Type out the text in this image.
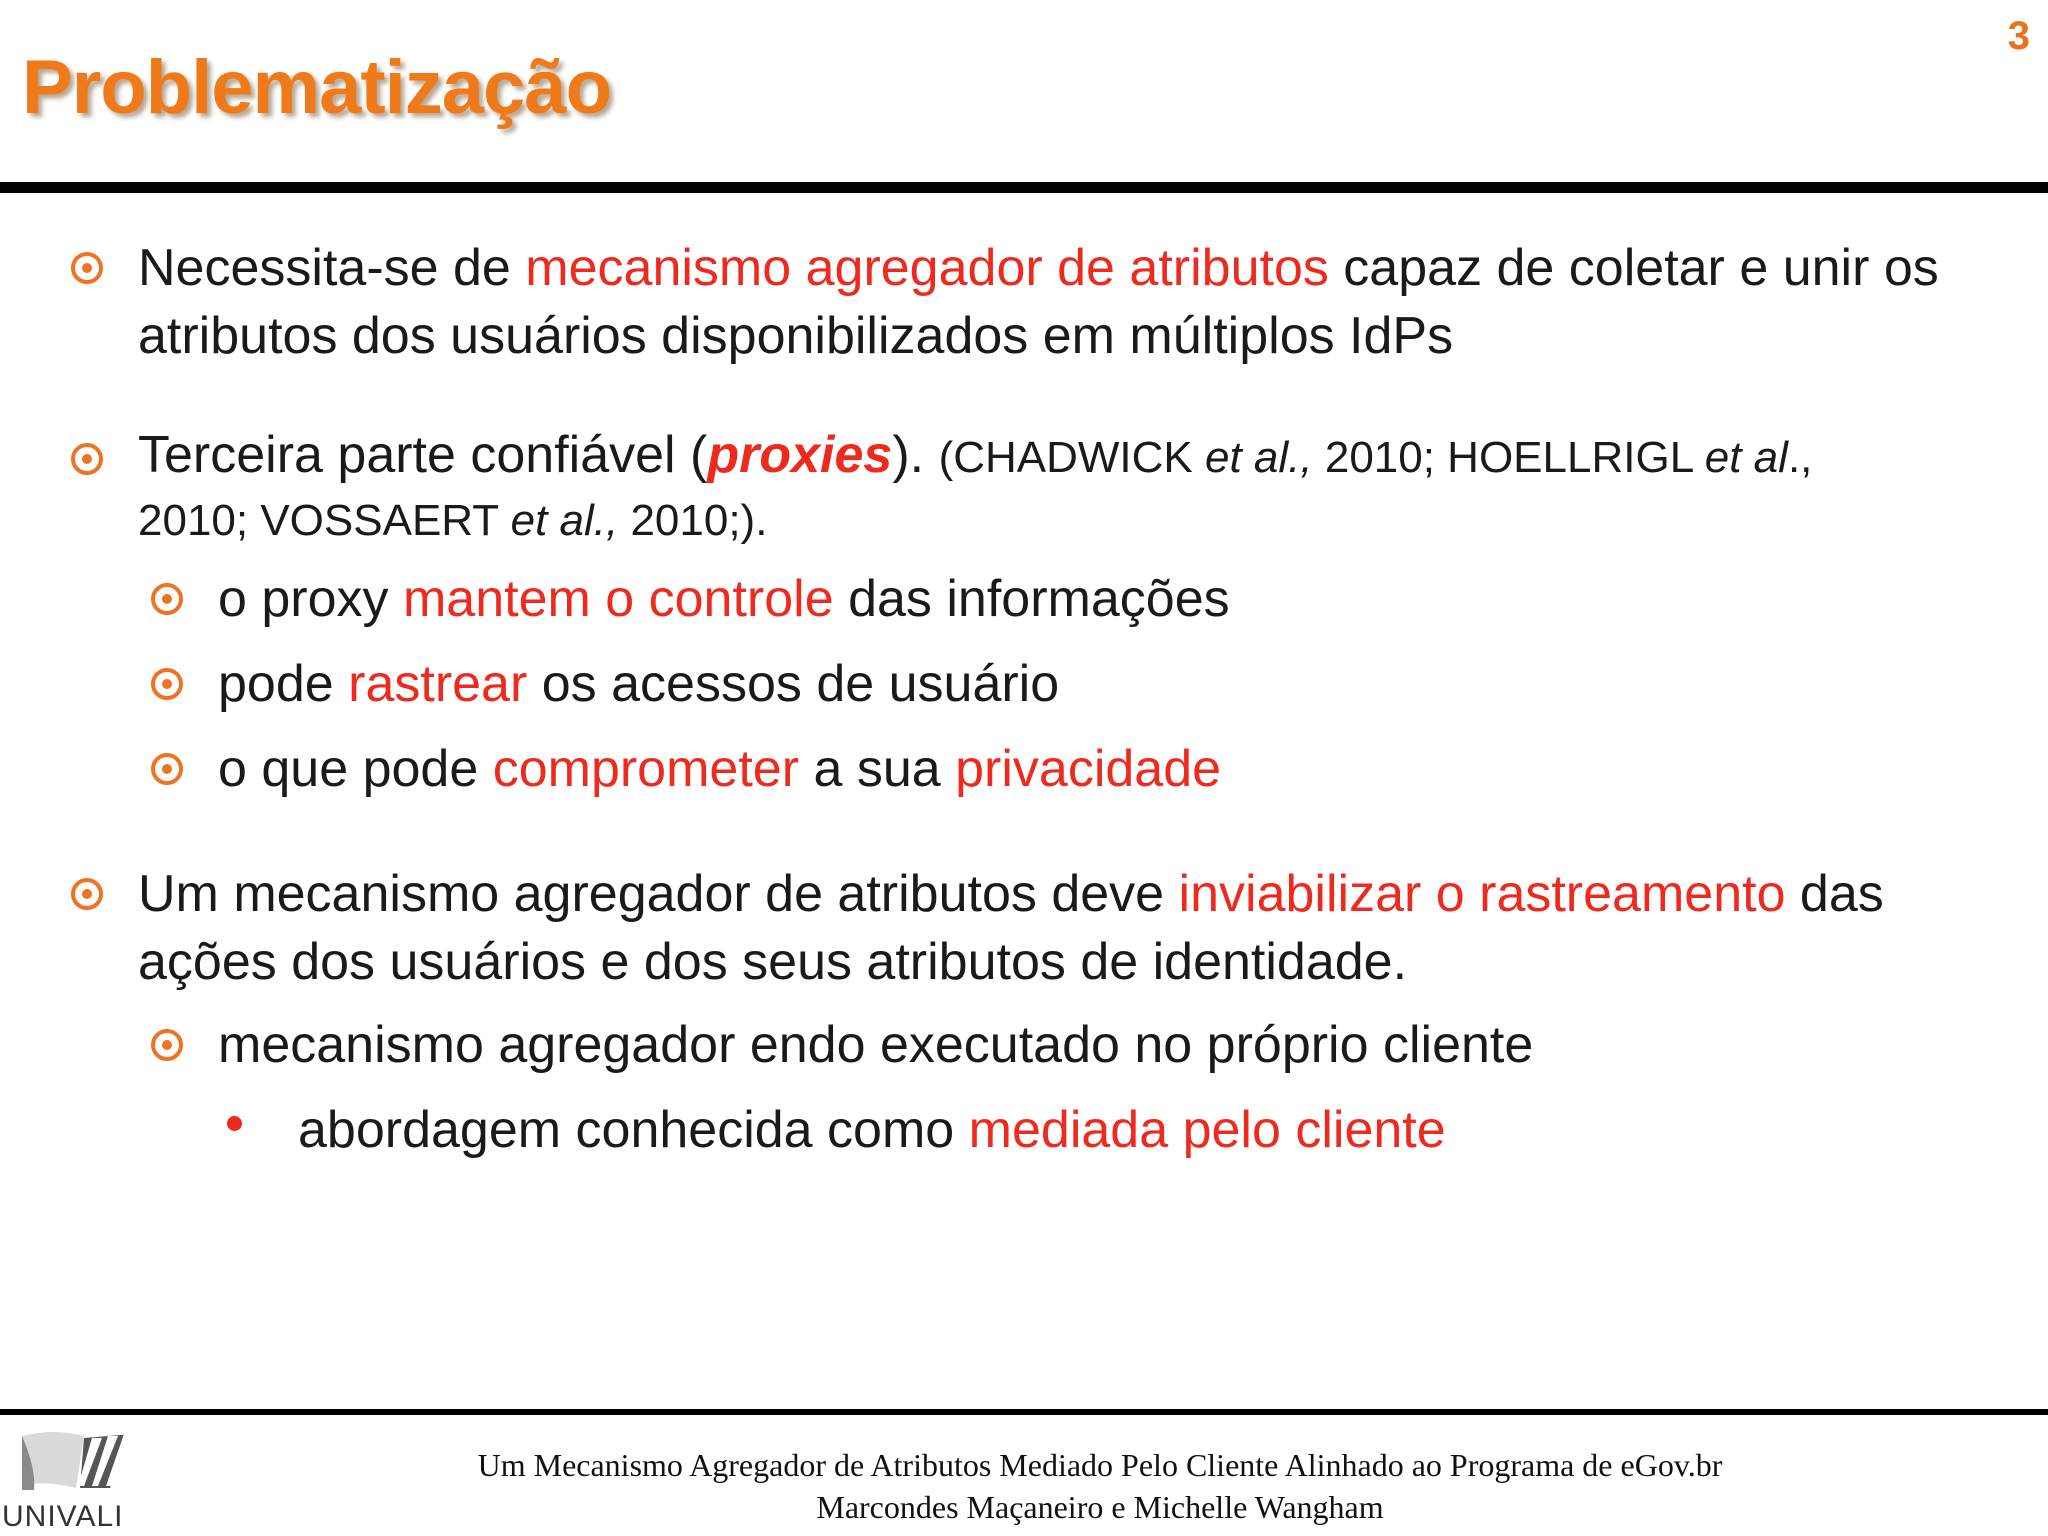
3
Problematização
Necessita-se de mecanismo agregador de atributos capaz de coletar e unir os atributos dos usuários disponibilizados em múltiplos IdPs
Terceira parte confiável (proxies). (CHADWICK et al., 2010; HOELLRIGL et al., 2010; VOSSAERT et al., 2010;).
o proxy mantem o controle das informações
pode rastrear os acessos de usuário
o que pode comprometer a sua privacidade
Um mecanismo agregador de atributos deve inviabilizar o rastreamento das ações dos usuários e dos seus atributos de identidade.
mecanismo agregador endo executado no próprio cliente
abordagem conhecida como mediada pelo cliente
UNIVALI
Um Mecanismo Agregador de Atributos Mediado Pelo Cliente Alinhado ao Programa de eGov.br
Marcondes Maçaneiro e Michelle Wangham
